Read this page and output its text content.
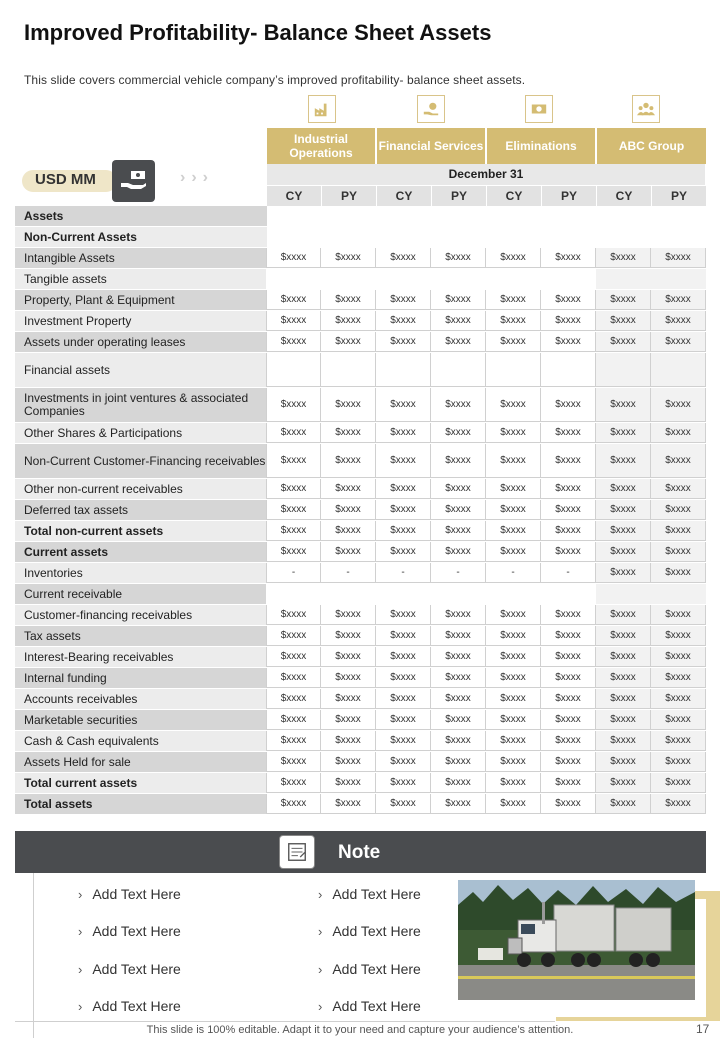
Improved Profitability- Balance Sheet Assets
This slide covers commercial vehicle company’s improved profitability- balance sheet assets.
Industrial Operations	Financial Services	Eliminations	ABC Group
December 31
CY	PY	CY	PY	CY	PY	CY	PY
USD MM	›››
Assets
Non-Current Assets
Intangible Assets	$xxxx	$xxxx	$xxxx	$xxxx	$xxxx	$xxxx	$xxxx	$xxxx
Tangible assets
Property, Plant & Equipment	$xxxx	$xxxx	$xxxx	$xxxx	$xxxx	$xxxx	$xxxx	$xxxx
Investment Property	$xxxx	$xxxx	$xxxx	$xxxx	$xxxx	$xxxx	$xxxx	$xxxx
Assets under operating leases	$xxxx	$xxxx	$xxxx	$xxxx	$xxxx	$xxxx	$xxxx	$xxxx
Financial assets
Investments in joint ventures & associated Companies	$xxxx	$xxxx	$xxxx	$xxxx	$xxxx	$xxxx	$xxxx	$xxxx
Other Shares & Participations	$xxxx	$xxxx	$xxxx	$xxxx	$xxxx	$xxxx	$xxxx	$xxxx
Non-Current Customer-Financing receivables	$xxxx	$xxxx	$xxxx	$xxxx	$xxxx	$xxxx	$xxxx	$xxxx
Other non-current receivables	$xxxx	$xxxx	$xxxx	$xxxx	$xxxx	$xxxx	$xxxx	$xxxx
Deferred tax assets	$xxxx	$xxxx	$xxxx	$xxxx	$xxxx	$xxxx	$xxxx	$xxxx
Total non-current assets	$xxxx	$xxxx	$xxxx	$xxxx	$xxxx	$xxxx	$xxxx	$xxxx
Current assets	$xxxx	$xxxx	$xxxx	$xxxx	$xxxx	$xxxx	$xxxx	$xxxx
Inventories	-	-	-	-	-	-	$xxxx	$xxxx
Current receivable
Customer-financing receivables	$xxxx	$xxxx	$xxxx	$xxxx	$xxxx	$xxxx	$xxxx	$xxxx
Tax assets	$xxxx	$xxxx	$xxxx	$xxxx	$xxxx	$xxxx	$xxxx	$xxxx
Interest-Bearing receivables	$xxxx	$xxxx	$xxxx	$xxxx	$xxxx	$xxxx	$xxxx	$xxxx
Internal funding	$xxxx	$xxxx	$xxxx	$xxxx	$xxxx	$xxxx	$xxxx	$xxxx
Accounts receivables	$xxxx	$xxxx	$xxxx	$xxxx	$xxxx	$xxxx	$xxxx	$xxxx
Marketable securities	$xxxx	$xxxx	$xxxx	$xxxx	$xxxx	$xxxx	$xxxx	$xxxx
Cash & Cash equivalents	$xxxx	$xxxx	$xxxx	$xxxx	$xxxx	$xxxx	$xxxx	$xxxx
Assets Held for sale	$xxxx	$xxxx	$xxxx	$xxxx	$xxxx	$xxxx	$xxxx	$xxxx
Total current assets	$xxxx	$xxxx	$xxxx	$xxxx	$xxxx	$xxxx	$xxxx	$xxxx
Total assets	$xxxx	$xxxx	$xxxx	$xxxx	$xxxx	$xxxx	$xxxx	$xxxx
Note
› Add Text Here
› Add Text Here
› Add Text Here
› Add Text Here
› Add Text Here
› Add Text Here
› Add Text Here
› Add Text Here
This slide is 100% editable. Adapt it to your need and capture your audience’s attention.	17
